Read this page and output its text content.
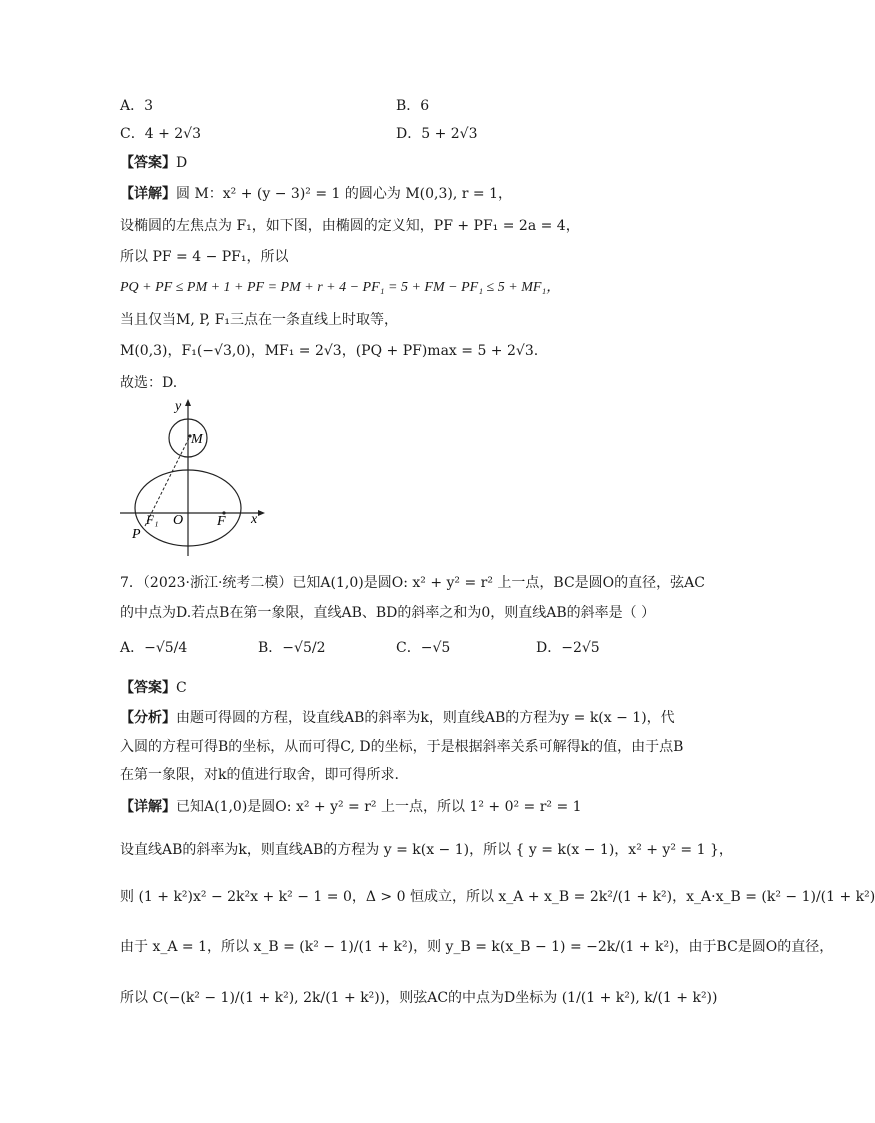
A．3	B．6
C．4 + 2√3	D．5 + 2√3
【答案】D
【详解】圆 M：x² + (y − 3)² = 1 的圆心为 M(0,3), r = 1，
设椭圆的左焦点为 F₁，如下图，由椭圆的定义知，PF + PF₁ = 2a = 4，
所以 PF = 4 − PF₁，所以
PQ + PF ≤ PM + 1 + PF = PM + r + 4 − PF₁ = 5 + FM − PF₁ ≤ 5 + MF₁，
当且仅当M, P, F₁三点在一条直线上时取等，
M(0,3)，F₁(−√3,0)，MF₁ = 2√3，(PQ + PF)max = 5 + 2√3.
故选：D.
y
M
F₁ O F x
P
7．（2023·浙江·统考二模）已知A(1,0)是圆O: x² + y² = r² 上一点，BC是圆O的直径，弦AC
的中点为D.若点B在第一象限，直线AB、BD的斜率之和为0，则直线AB的斜率是（ ）
A．−√5/4	B．−√5/2	C．−√5	D．−2√5
【答案】C
【分析】由题可得圆的方程，设直线AB的斜率为k，则直线AB的方程为y = k(x − 1)，代
入圆的方程可得B的坐标，从而可得C, D的坐标，于是根据斜率关系可解得k的值，由于点B
在第一象限，对k的值进行取舍，即可得所求.
【详解】已知A(1,0)是圆O: x² + y² = r² 上一点，所以 1² + 0² = r² = 1
设直线AB的斜率为k，则直线AB的方程为 y = k(x − 1)，所以 { y = k(x − 1)，x² + y² = 1 }，
则 (1 + k²)x² − 2k²x + k² − 1 = 0，Δ > 0 恒成立，所以 x_A + x_B = 2k²/(1 + k²)，x_A·x_B = (k² − 1)/(1 + k²)
由于 x_A = 1，所以 x_B = (k² − 1)/(1 + k²)，则 y_B = k(x_B − 1) = −2k/(1 + k²)，由于BC是圆O的直径，
所以 C(−(k² − 1)/(1 + k²), 2k/(1 + k²))，则弦AC的中点为D坐标为 (1/(1 + k²), k/(1 + k²))
